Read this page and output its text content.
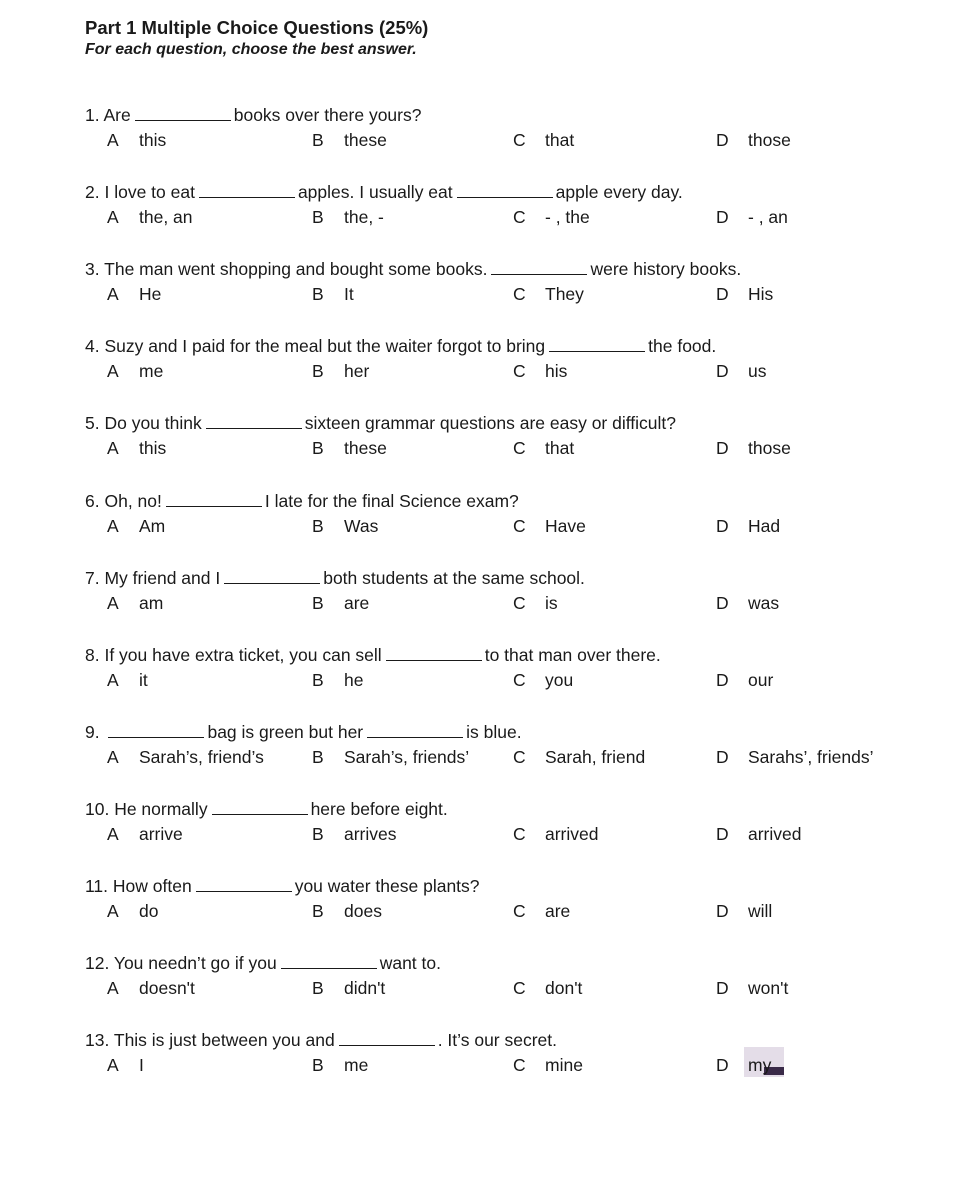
Part 1 Multiple Choice Questions (25%)
For each question, choose the best answer.
1. Are	books over there yours?
A this	B these	C that	D those
2. I love to eat	apples. I usually eat	apple every day.
A the, an	B the, -	C - , the	D - , an
3. The man went shopping and bought some books.	were history books.
A He	B It	C They	D His
4. Suzy and I paid for the meal but the waiter forgot to bring	the food.
A me	B her	C his	D us
5. Do you think	sixteen grammar questions are easy or difficult?
A this	B these	C that	D those
6. Oh, no!	I late for the final Science exam?
A Am	B Was	C Have	D Had
7. My friend and I	both students at the same school.
A am	B are	C is	D was
8. If you have extra ticket, you can sell	to that man over there.
A it	B he	C you	D our
9.	bag is green but her	is blue.
A Sarah’s, friend’s	B Sarah’s, friends’	C Sarah, friend	D Sarahs’, friends’
10. He normally	here before eight.
A arrive	B arrives	C arrived	D arrived
11. How often	you water these plants?
A do	B does	C are	D will
12. You needn’t go if you	want to.
A doesn't	B didn't	C don't	D won't
13. This is just between you and	. It’s our secret.
A I	B me	C mine	D my
